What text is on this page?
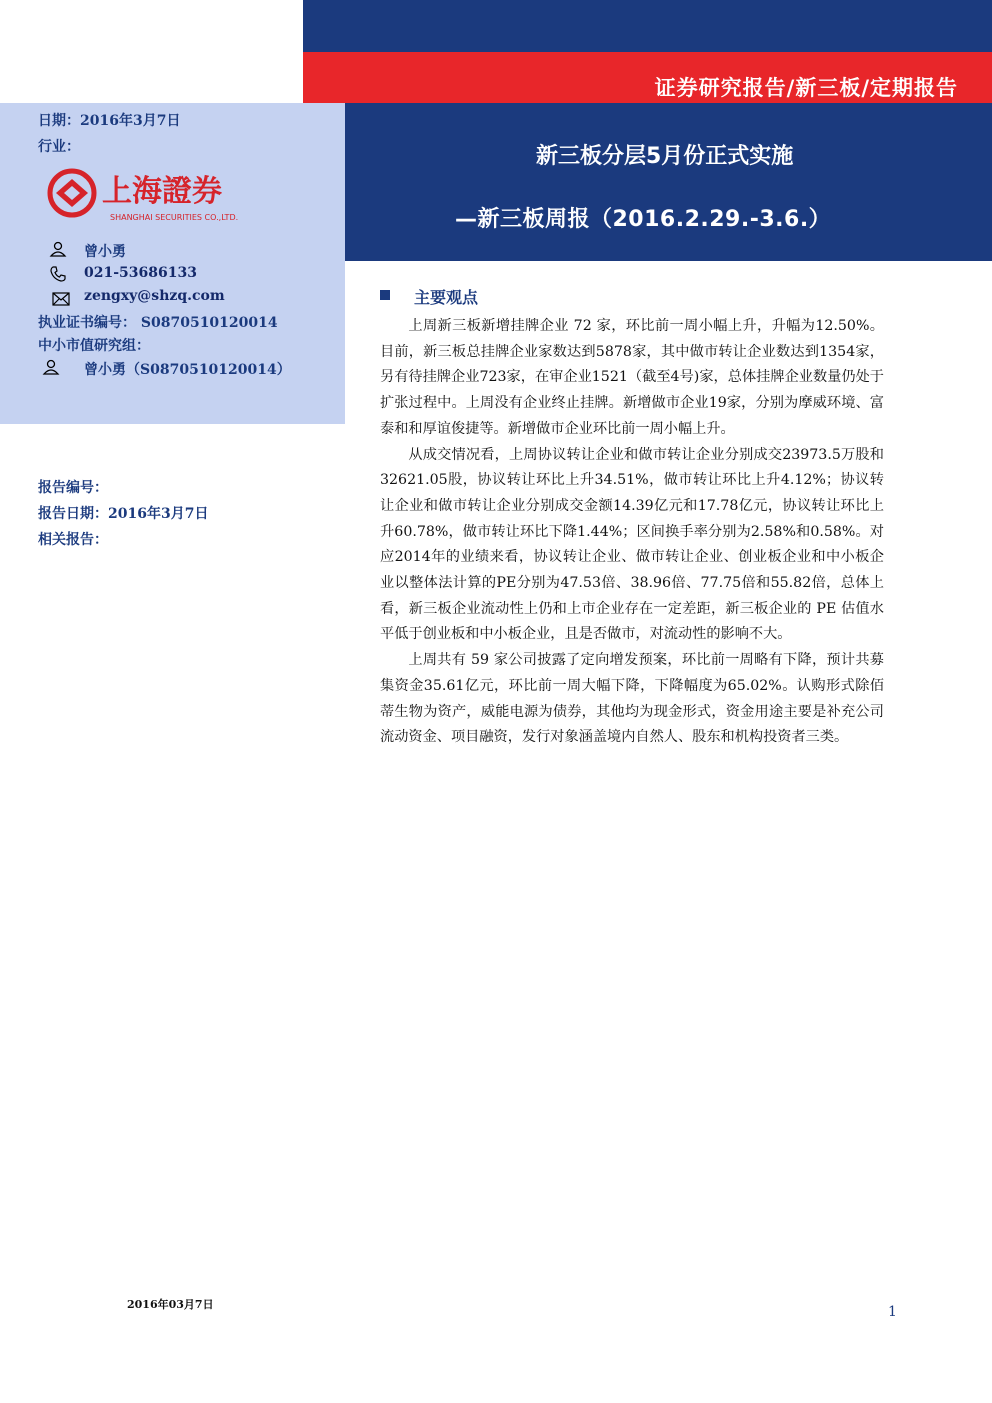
证券研究报告/新三板/定期报告
新三板分层5月份正式实施
—新三板周报（2016.2.29.-3.6.）
日期：2016年3月7日
行业：
上海證券
SHANGHAI SECURITIES CO.,LTD.
曾小勇
021-53686133
zengxy@shzq.com
执业证书编号： S0870510120014
中小市值研究组：
曾小勇（S0870510120014）
报告编号：
报告日期：2016年3月7日
相关报告：
主要观点

上周新三板新增挂牌企业 72 家，环比前一周小幅上升，升幅为12.50%。目前，新三板总挂牌企业家数达到5878家，其中做市转让企业数达到1354家，另有待挂牌企业723家，在审企业1521（截至4号)家，总体挂牌企业数量仍处于扩张过程中。上周没有企业终止挂牌。新增做市企业19家，分别为摩威环境、富泰和和厚谊俊捷等。新增做市企业环比前一周小幅上升。

从成交情况看，上周协议转让企业和做市转让企业分别成交23973.5万股和32621.05股，协议转让环比上升34.51%，做市转让环比上升4.12%；协议转让企业和做市转让企业分别成交金额14.39亿元和17.78亿元，协议转让环比上升60.78%，做市转让环比下降1.44%；区间换手率分别为2.58%和0.58%。对应2014年的业绩来看，协议转让企业、做市转让企业、创业板企业和中小板企业以整体法计算的PE分别为47.53倍、38.96倍、77.75倍和55.82倍，总体上看，新三板企业流动性上仍和上市企业存在一定差距，新三板企业的 PE 估值水平低于创业板和中小板企业，且是否做市，对流动性的影响不大。

上周共有 59 家公司披露了定向增发预案，环比前一周略有下降，预计共募集资金35.61亿元，环比前一周大幅下降，下降幅度为65.02%。认购形式除佰蒂生物为资产，威能电源为债券，其他均为现金形式，资金用途主要是补充公司流动资金、项目融资，发行对象涵盖境内自然人、股东和机构投资者三类。

2016年03月7日	1
